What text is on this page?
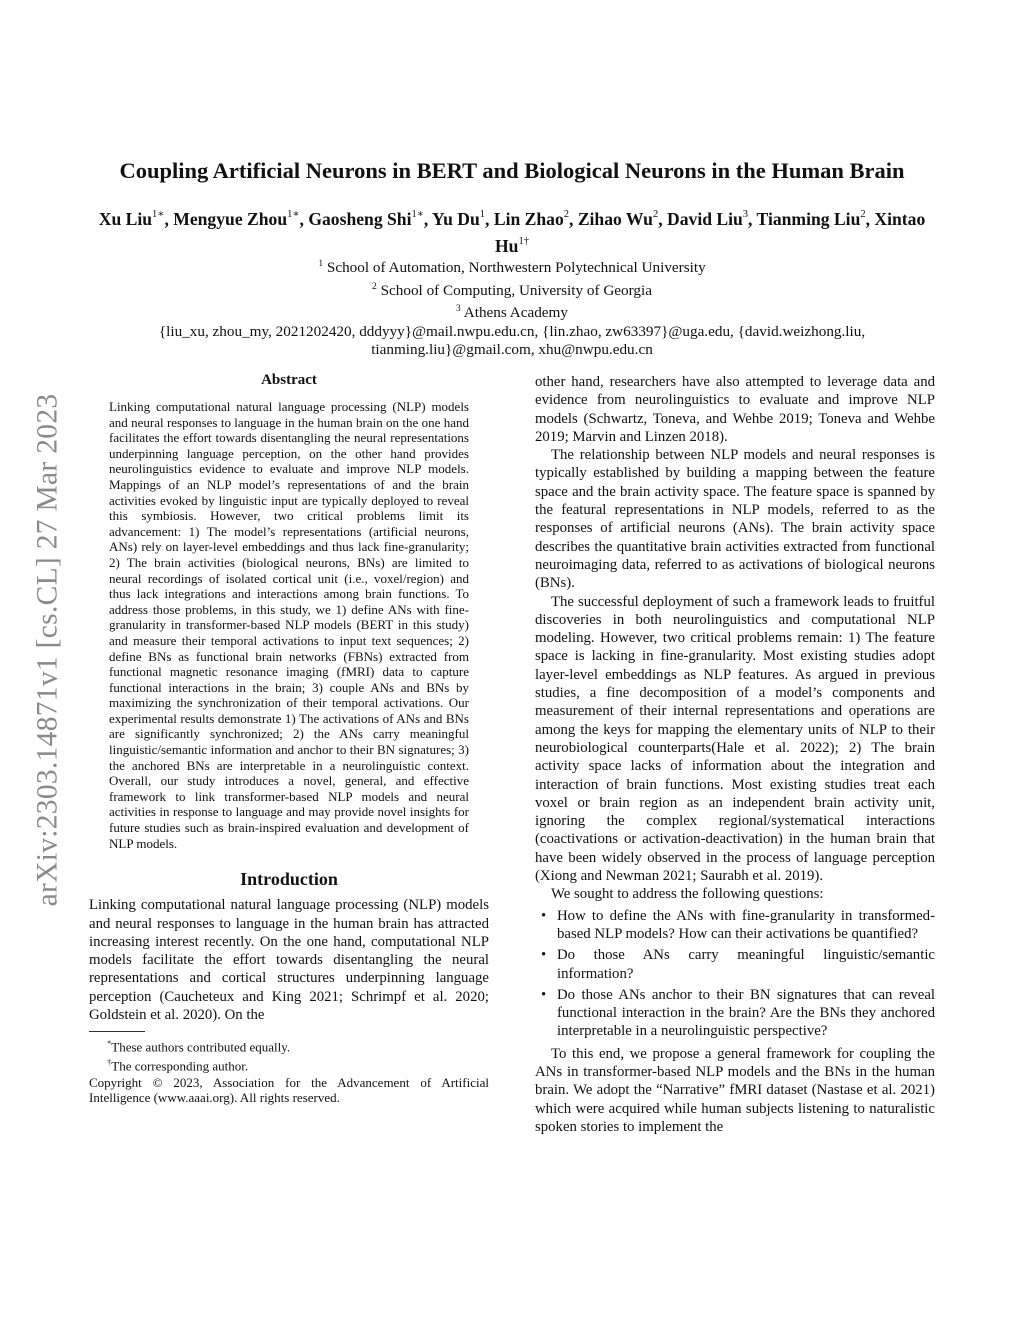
arXiv:2303.14871v1 [cs.CL] 27 Mar 2023
Coupling Artificial Neurons in BERT and Biological Neurons in the Human Brain
Xu Liu$^{1∗}$, Mengyue Zhou$^{1∗}$, Gaosheng Shi$^{1∗}$, Yu Du$^1$, Lin Zhao$^2$, Zihao Wu$^2$, David Liu$^3$, Tianming Liu$^2$, Xintao $Hu^{1\dagger}$
$^1$ School of Automation, Northwestern Polytechnical University
$^2$ School of Computing, University of Georgia
$^3$ Athens Academy
{liu_xu, zhou_my, 2021202420, dddyyy}@mail.nwpu.edu.cn, {lin.zhao, zw63397}@uga.edu, {david.weizhong.liu,
tianming.liu}@gmail.com, xhu@nwpu.edu.cn
Abstract
Linking computational natural language processing (NLP) models and neural responses to language in the human brain on the one hand facilitates the effort towards disentangling the neural representations underpinning language perception, on the other hand provides neurolinguistics evidence to evaluate and improve NLP models. Mappings of an NLP model’s representations of and the brain activities evoked by linguistic input are typically deployed to reveal this symbiosis. However, two critical problems limit its advancement: 1) The model’s representations (artificial neurons, ANs) rely on layer-level embeddings and thus lack fine-granularity; 2) The brain activities (biological neurons, BNs) are limited to neural recordings of isolated cortical unit (i.e., voxel/region) and thus lack integrations and interactions among brain functions. To address those problems, in this study, we 1) define ANs with fine-granularity in transformer-based NLP models (BERT in this study) and measure their temporal activations to input text sequences; 2) define BNs as functional brain networks (FBNs) extracted from functional magnetic resonance imaging (fMRI) data to capture functional interactions in the brain; 3) couple ANs and BNs by maximizing the synchronization of their temporal activations. Our experimental results demonstrate 1) The activations of ANs and BNs are significantly synchronized; 2) the ANs carry meaningful linguistic/semantic information and anchor to their BN signatures; 3) the anchored BNs are interpretable in a neurolinguistic context. Overall, our study introduces a novel, general, and effective framework to link transformer-based NLP models and neural activities in response to language and may provide novel insights for future studies such as brain-inspired evaluation and development of NLP models.
Introduction

Linking computational natural language processing (NLP) models and neural responses to language in the human brain has attracted increasing interest recently. On the one hand, computational NLP models facilitate the effort towards disentangling the neural representations and cortical structures underpinning language perception (Caucheteux and King 2021; Schrimpf et al. 2020; Goldstein et al. 2020). On the

*These authors contributed equally.
†The corresponding author.
Copyright © 2023, Association for the Advancement of Artificial Intelligence (www.aaai.org). All rights reserved.

other hand, researchers have also attempted to leverage data and evidence from neurolinguistics to evaluate and improve NLP models (Schwartz, Toneva, and Wehbe 2019; Toneva and Wehbe 2019; Marvin and Linzen 2018).

The relationship between NLP models and neural responses is typically established by building a mapping between the feature space and the brain activity space. The feature space is spanned by the featural representations in NLP models, referred to as the responses of artificial neurons (ANs). The brain activity space describes the quantitative brain activities extracted from functional neuroimaging data, referred to as activations of biological neurons (BNs).

The successful deployment of such a framework leads to fruitful discoveries in both neurolinguistics and computational NLP modeling. However, two critical problems remain: 1) The feature space is lacking in fine-granularity. Most existing studies adopt layer-level embeddings as NLP features. As argued in previous studies, a fine decomposition of a model’s components and measurement of their internal representations and operations are among the keys for mapping the elementary units of NLP to their neurobiological counterparts(Hale et al. 2022); 2) The brain activity space lacks of information about the integration and interaction of brain functions. Most existing studies treat each voxel or brain region as an independent brain activity unit, ignoring the complex regional/systematical interactions (coactivations or activation-deactivation) in the human brain that have been widely observed in the process of language perception (Xiong and Newman 2021; Saurabh et al. 2019).

We sought to address the following questions:

• How to define the ANs with fine-granularity in transformed-based NLP models? How can their activations be quantified?
• Do those ANs carry meaningful linguistic/semantic information?
• Do those ANs anchor to their BN signatures that can reveal functional interaction in the brain? Are the BNs they anchored interpretable in a neurolinguistic perspective?

To this end, we propose a general framework for coupling the ANs in transformer-based NLP models and the BNs in the human brain. We adopt the “Narrative” fMRI dataset (Nastase et al. 2021) which were acquired while human subjects listening to naturalistic spoken stories to implement the
